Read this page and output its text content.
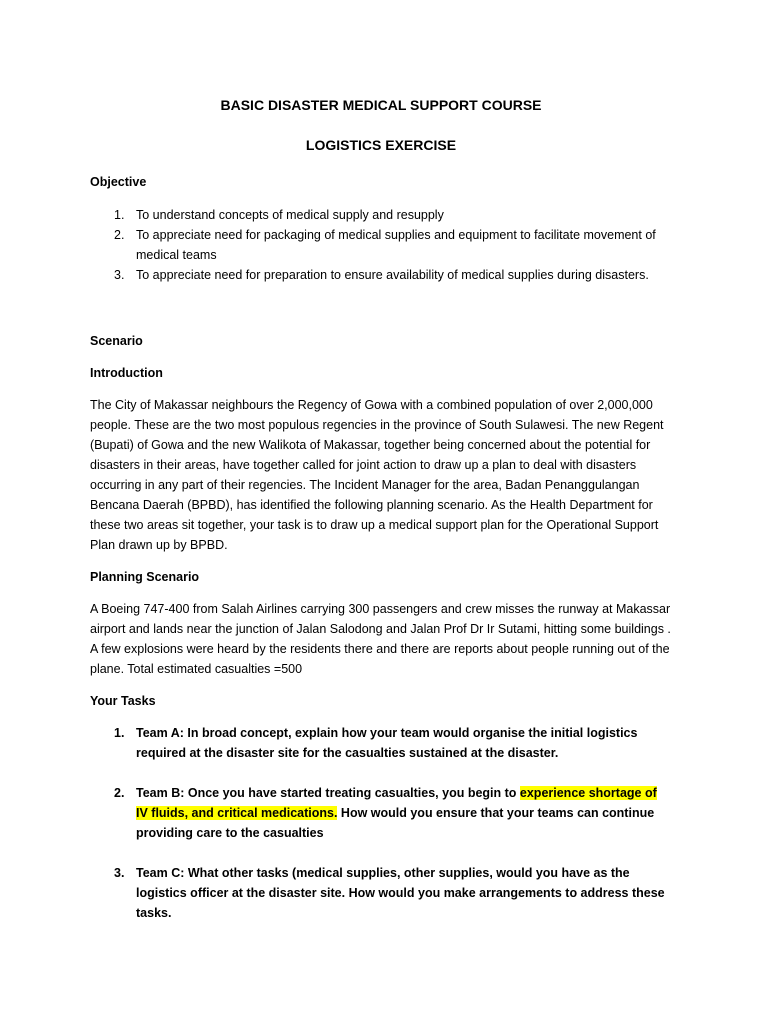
BASIC DISASTER MEDICAL SUPPORT COURSE
LOGISTICS EXERCISE

Objective

1. To understand concepts of medical supply and resupply
2. To appreciate need for packaging of medical supplies and equipment to facilitate movement of medical teams
3. To appreciate need for preparation to ensure availability of medical supplies during disasters.

Scenario

Introduction

The City of Makassar neighbours the Regency of Gowa with a combined population of over 2,000,000 people. These are the two most populous regencies in the province of South Sulawesi. The new Regent (Bupati) of Gowa and the new Walikota of Makassar, together being concerned about the potential for disasters in their areas, have together called for joint action to draw up a plan to deal with disasters occurring in any part of their regencies. The Incident Manager for the area, Badan Penanggulangan Bencana Daerah (BPBD), has identified the following planning scenario. As the Health Department for these two areas sit together, your task is to draw up a medical support plan for the Operational Support Plan drawn up by BPBD.

Planning Scenario

A Boeing 747-400 from Salah Airlines carrying 300 passengers and crew misses the runway at Makassar airport and lands near the junction of Jalan Salodong and Jalan Prof Dr Ir Sutami, hitting some buildings . A few explosions were heard by the residents there and there are reports about people running out of the plane. Total estimated casualties =500

Your Tasks

1. Team A: In broad concept, explain how your team would organise the initial logistics required at the disaster site for the casualties sustained at the disaster.
2. Team B: Once you have started treating casualties, you begin to experience shortage of IV fluids, and critical medications. How would you ensure that your teams can continue providing care to the casualties
3. Team C: What other tasks (medical supplies, other supplies, would you have as the logistics officer at the disaster site. How would you make arrangements to address these tasks.
